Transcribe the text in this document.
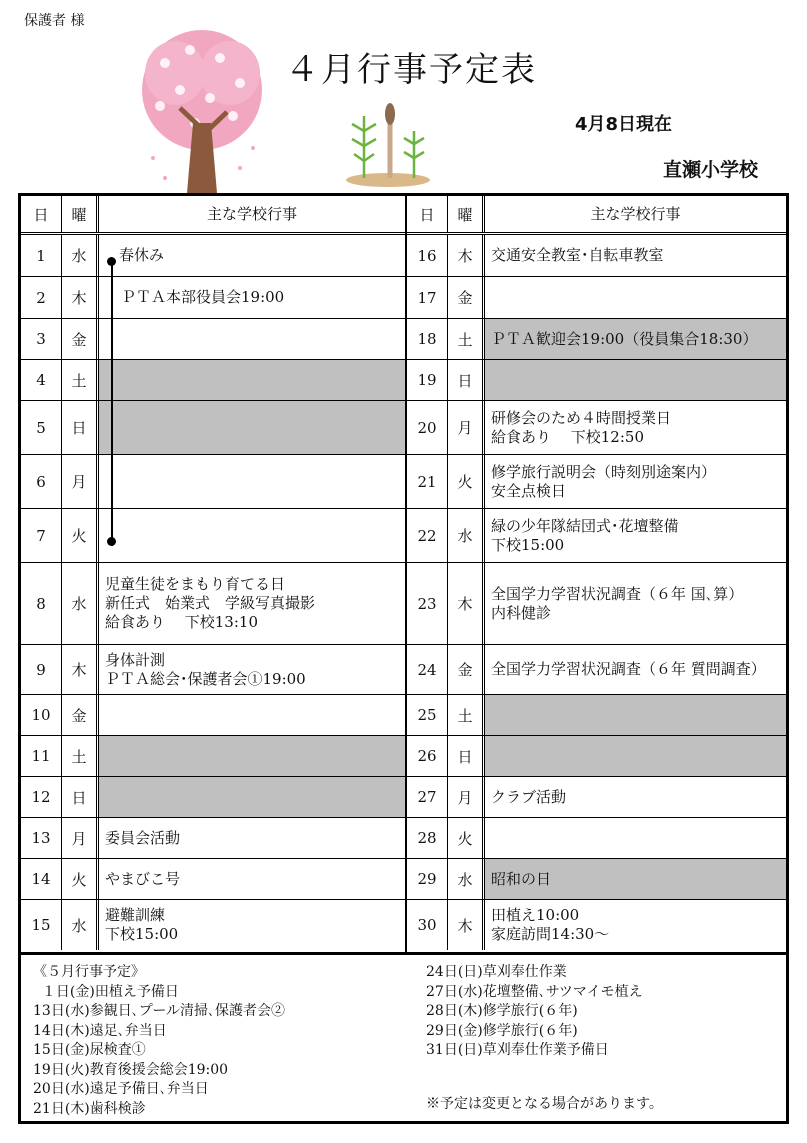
保護者 様
４月行事予定表
4月8日現在
直瀬小学校
日	曜	主な学校行事
1	水	春休み
2	木	ＰＴＡ本部役員会19:00
3	金
4	土
5	日
6	月
7	火
8	水
児童生徒をまもり育てる日
新任式　始業式　学級写真撮影
給食あり　 下校13:10
9	木
身体計測
ＰＴＡ総会･保護者会①19:00
10	金
11	土
12	日
13	月	委員会活動
14	火	やまびこ号
15	水
避難訓練
下校15:00
日	曜	主な学校行事
16	木	交通安全教室･自転車教室
17	金
18	土	ＰＴＡ歓迎会19:00（役員集合18:30）
19	日
20	月
研修会のため４時間授業日
給食あり　 下校12:50
21	火
修学旅行説明会（時刻別途案内）
安全点検日
22	水
緑の少年隊結団式･花壇整備
下校15:00
23	木
全国学力学習状況調査（６年 国､算）
内科健診
24	金	全国学力学習状況調査（６年 質問調査）
25	土
26	日
27	月	クラブ活動
28	火
29	水	昭和の日
30	木
田植え10:00
家庭訪問14:30～
《５月行事予定》
１日(金)田植え予備日
13日(水)参観日､プール清掃､保護者会②
14日(木)遠足､弁当日
15日(金)尿検査①
19日(火)教育後援会総会19:00
20日(水)遠足予備日､弁当日
21日(木)歯科検診
24日(日)草刈奉仕作業
27日(水)花壇整備､サツマイモ植え
28日(木)修学旅行(６年)
29日(金)修学旅行(６年)
31日(日)草刈奉仕作業予備日
※予定は変更となる場合があります。
